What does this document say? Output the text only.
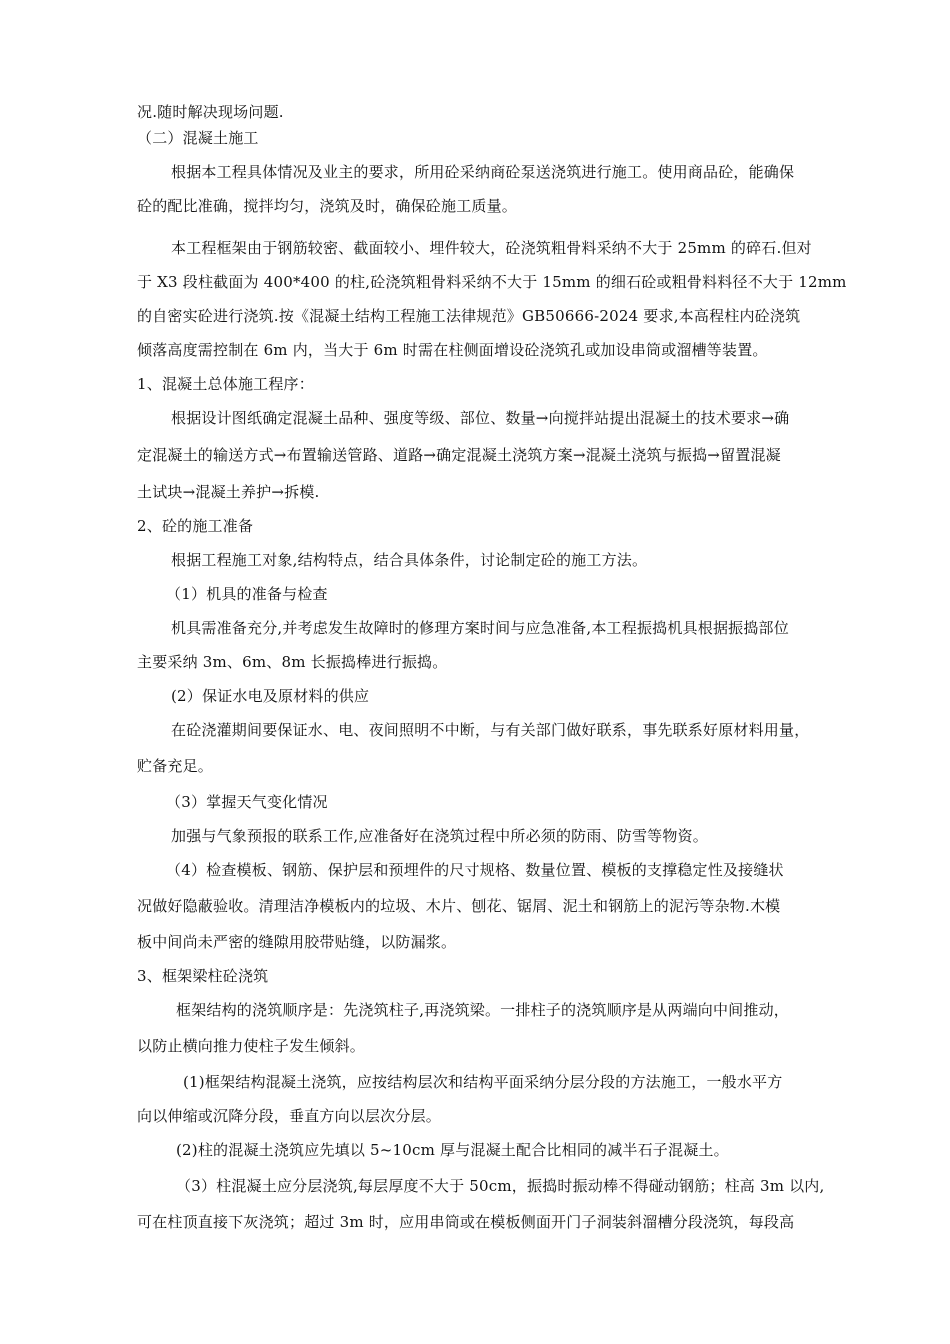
况.随时解决现场问题.

（二）混凝土施工

根据本工程具体情况及业主的要求，所用砼采纳商砼泵送浇筑进行施工。使用商品砼，能确保

砼的配比准确，搅拌均匀，浇筑及时，确保砼施工质量。

本工程框架由于钢筋较密、截面较小、埋件较大，砼浇筑粗骨料采纳不大于 25mm 的碎石.但对

于 X3 段柱截面为 400*400 的柱,砼浇筑粗骨料采纳不大于 15mm 的细石砼或粗骨料料径不大于 12mm

的自密实砼进行浇筑.按《混凝土结构工程施工法律规范》GB50666-2024 要求,本高程柱内砼浇筑

倾落高度需控制在 6m 内，当大于 6m 时需在柱侧面增设砼浇筑孔或加设串筒或溜槽等装置。

1、混凝土总体施工程序：

根据设计图纸确定混凝土品种、强度等级、部位、数量→向搅拌站提出混凝土的技术要求→确

定混凝土的输送方式→布置输送管路、道路→确定混凝土浇筑方案→混凝土浇筑与振捣→留置混凝

土试块→混凝土养护→拆模.

2、砼的施工准备

根据工程施工对象,结构特点，结合具体条件，讨论制定砼的施工方法。

（1）机具的准备与检查

机具需准备充分,并考虑发生故障时的修理方案时间与应急准备,本工程振捣机具根据振捣部位

主要采纳 3m、6m、8m 长振捣棒进行振捣。

(2）保证水电及原材料的供应

在砼浇灌期间要保证水、电、夜间照明不中断，与有关部门做好联系，事先联系好原材料用量，

贮备充足。

（3）掌握天气变化情况

加强与气象预报的联系工作,应准备好在浇筑过程中所必须的防雨、防雪等物资。

（4）检查模板、钢筋、保护层和预埋件的尺寸规格、数量位置、模板的支撑稳定性及接缝状

况做好隐蔽验收。清理洁净模板内的垃圾、木片、刨花、锯屑、泥土和钢筋上的泥污等杂物.木模

板中间尚未严密的缝隙用胶带贴缝，以防漏浆。

3、框架梁柱砼浇筑

框架结构的浇筑顺序是：先浇筑柱子,再浇筑梁。一排柱子的浇筑顺序是从两端向中间推动，

以防止横向推力使柱子发生倾斜。

(1)框架结构混凝土浇筑，应按结构层次和结构平面采纳分层分段的方法施工，一般水平方

向以伸缩或沉降分段，垂直方向以层次分层。

(2)柱的混凝土浇筑应先填以 5~10cm 厚与混凝土配合比相同的减半石子混凝土。

（3）柱混凝土应分层浇筑,每层厚度不大于 50cm，振捣时振动棒不得碰动钢筋；柱高 3m 以内,

可在柱顶直接下灰浇筑；超过 3m 时，应用串筒或在模板侧面开门子洞装斜溜槽分段浇筑，每段高
